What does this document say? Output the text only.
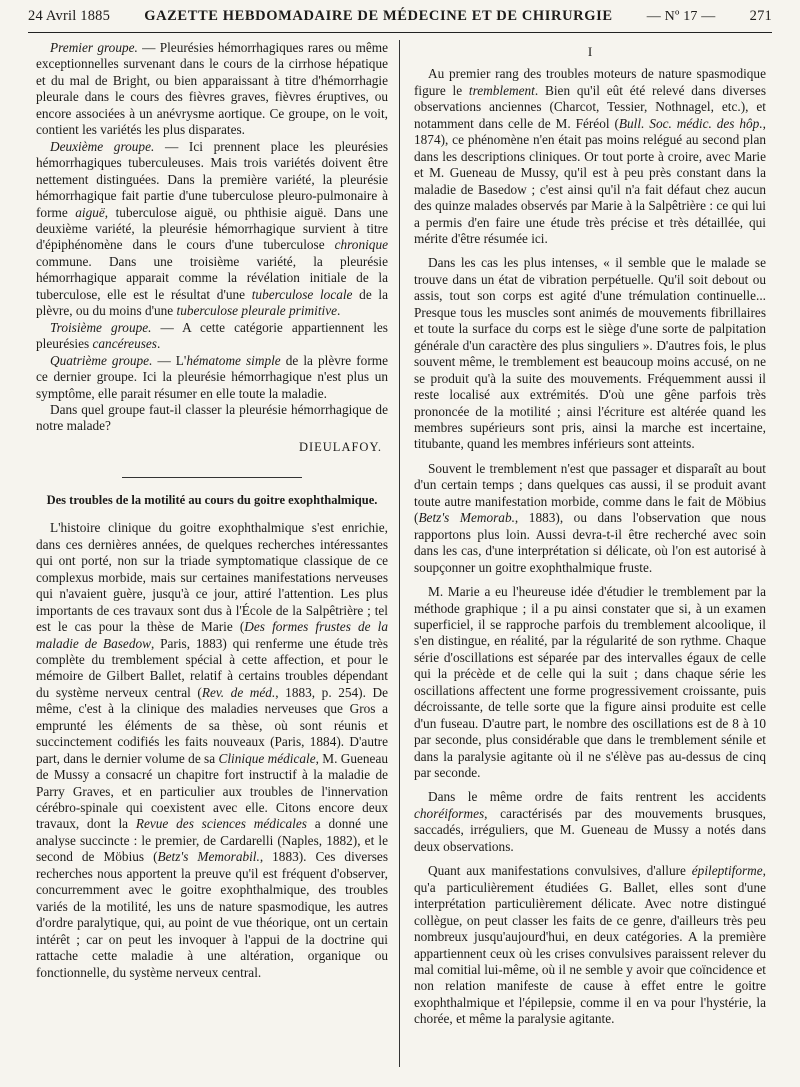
24 Avril 1885 GAZETTE HEBDOMADAIRE DE MÉDECINE ET DE CHIRURGIE — Nº 17 — 271

Premier groupe. — Pleurésies hémorrhagiques rares ou même exceptionnelles survenant dans le cours de la cirrhose hépatique et du mal de Bright, ou bien apparaissant à titre d'hémorrhagie pleurale dans le cours des fièvres graves, fièvres éruptives, ou encore associées à un anévrysme aortique. Ce groupe, on le voit, contient les variétés les plus disparates.

Deuxième groupe. — Ici prennent place les pleurésies hémorrhagiques tuberculeuses. Mais trois variétés doivent être nettement distinguées. Dans la première variété, la pleurésie hémorrhagique fait partie d'une tuberculose pleuro-pulmonaire à forme aiguë, tuberculose aiguë, ou phthisie aiguë. Dans une deuxième variété, la pleurésie hémorrhagique survient à titre d'épiphénomène dans le cours d'une tuberculose chronique commune. Dans une troisième variété, la pleurésie hémorrhagique apparait comme la révélation initiale de la tuberculose, elle est le résultat d'une tuberculose locale de la plèvre, ou du moins d'une tuberculose pleurale primitive.

Troisième groupe. — A cette catégorie appartiennent les pleurésies cancéreuses.

Quatrième groupe. — L'hématome simple de la plèvre forme ce dernier groupe. Ici la pleurésie hémorrhagique n'est plus un symptôme, elle parait résumer en elle toute la maladie.

Dans quel groupe faut-il classer la pleurésie hémorrhagique de notre malade?

DIEULAFOY.
Des troubles de la motilité au cours du goitre exophthalmique.

L'histoire clinique du goitre exophthalmique s'est enrichie, dans ces dernières années, de quelques recherches intéressantes qui ont porté, non sur la triade symptomatique classique de ce complexus morbide, mais sur certaines manifestations nerveuses qui n'avaient guère, jusqu'à ce jour, attiré l'attention. Les plus importants de ces travaux sont dus à l'École de la Salpêtrière ; tel est le cas pour la thèse de Marie (Des formes frustes de la maladie de Basedow, Paris, 1883) qui renferme une étude très complète du tremblement spécial à cette affection, et pour le mémoire de Gilbert Ballet, relatif à certains troubles dépendant du système nerveux central (Rev. de méd., 1883, p. 254). De même, c'est à la clinique des maladies nerveuses que Gros a emprunté les éléments de sa thèse, où sont réunis et succinctement codifiés les faits nouveaux (Paris, 1884). D'autre part, dans le dernier volume de sa Clinique médicale, M. Gueneau de Mussy a consacré un chapitre fort instructif à la maladie de Parry Graves, et en particulier aux troubles de l'innervation cérébro-spinale qui coexistent avec elle. Citons encore deux travaux, dont la Revue des sciences médicales a donné une analyse succincte : le premier, de Cardarelli (Naples, 1882), et le second de Möbius (Betz's Memorabil., 1883). Ces diverses recherches nous apportent la preuve qu'il est fréquent d'observer, concurremment avec le goitre exophthalmique, des troubles variés de la motilité, les uns de nature spasmodique, les autres d'ordre paralytique, qui, au point de vue théorique, ont un certain intérêt ; car on peut les invoquer à l'appui de la doctrine qui rattache cette maladie à une altération, organique ou fonctionnelle, du système nerveux central.

I

Au premier rang des troubles moteurs de nature spasmodique figure le tremblement. Bien qu'il eût été relevé dans diverses observations anciennes (Charcot, Tessier, Nothnagel, etc.), et notamment dans celle de M. Féréol (Bull. Soc. médic. des hôp., 1874), ce phénomène n'en était pas moins relégué au second plan dans les descriptions cliniques. Or tout porte à croire, avec Marie et M. Gueneau de Mussy, qu'il est à peu près constant dans la maladie de Basedow ; c'est ainsi qu'il n'a fait défaut chez aucun des quinze malades observés par Marie à la Salpêtrière : ce qui lui a permis d'en faire une étude très précise et très détaillée, qui mérite d'être résumée ici.

Dans les cas les plus intenses, « il semble que le malade se trouve dans un état de vibration perpétuelle. Qu'il soit debout ou assis, tout son corps est agité d'une trémulation continuelle... Presque tous les muscles sont animés de mouvements fibrillaires et toute la surface du corps est le siège d'une sorte de palpitation générale d'un caractère des plus singuliers ». D'autres fois, le plus souvent même, le tremblement est beaucoup moins accusé, on ne se produit qu'à la suite des mouvements. Fréquemment aussi il reste localisé aux extrémités. D'où une gêne parfois très prononcée de la motilité ; ainsi l'écriture est altérée quand les membres supérieurs sont pris, ainsi la marche est incertaine, titubante, quand les membres inférieurs sont atteints.

Souvent le tremblement n'est que passager et disparaît au bout d'un certain temps ; dans quelques cas aussi, il se produit avant toute autre manifestation morbide, comme dans le fait de Möbius (Betz's Memorab., 1883), ou dans l'observation que nous rapportons plus loin. Aussi devra-t-il être recherché avec soin dans les cas, d'une interprétation si délicate, où l'on est autorisé à soupçonner un goitre exophthalmique fruste.

M. Marie a eu l'heureuse idée d'étudier le tremblement par la méthode graphique ; il a pu ainsi constater que si, à un examen superficiel, il se rapproche parfois du tremblement alcoolique, il s'en distingue, en réalité, par la régularité de son rythme. Chaque série d'oscillations est séparée par des intervalles égaux de celle qui la précède et de celle qui la suit ; dans chaque série les oscillations affectent une forme progressivement croissante, puis décroissante, de telle sorte que la figure ainsi produite est celle d'un fuseau. D'autre part, le nombre des oscillations est de 8 à 10 par seconde, plus considérable que dans le tremblement sénile et dans la paralysie agitante où il ne s'élève pas au-dessus de cinq par seconde.

Dans le même ordre de faits rentrent les accidents choréiformes, caractérisés par des mouvements brusques, saccadés, irréguliers, que M. Gueneau de Mussy a notés dans deux observations.

Quant aux manifestations convulsives, d'allure épileptiforme, qu'a particulièrement étudiées G. Ballet, elles sont d'une interprétation particulièrement délicate. Avec notre distingué collègue, on peut classer les faits de ce genre, d'ailleurs très peu nombreux jusqu'aujourd'hui, en deux catégories. A la première appartiennent ceux où les crises convulsives paraissent relever du mal comitial lui-même, où il ne semble y avoir que coïncidence et non relation manifeste de cause à effet entre le goitre exophthalmique et l'épilepsie, comme il en va pour l'hystérie, la chorée, et même la paralysie agitante.
